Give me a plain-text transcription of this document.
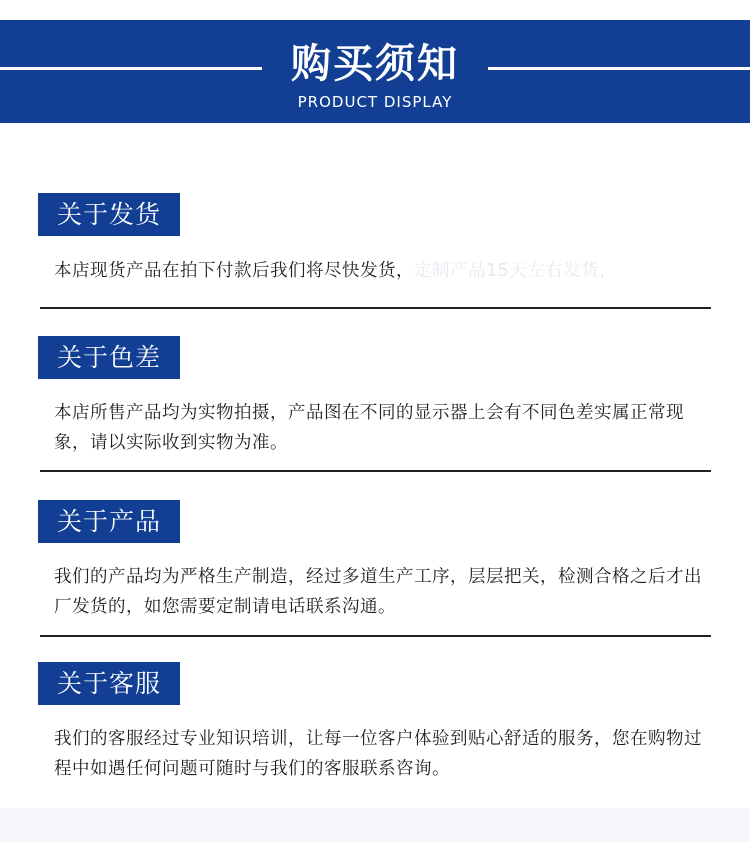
购买须知
PRODUCT DISPLAY
关于发货
本店现货产品在拍下付款后我们将尽快发货，定制产品15天左右发货，
关于色差
本店所售产品均为实物拍摄，产品图在不同的显示器上会有不同色差实属正常现象，请以实际收到实物为准。
关于产品
我们的产品均为严格生产制造，经过多道生产工序，层层把关，检测合格之后才出厂发货的，如您需要定制请电话联系沟通。
关于客服
我们的客服经过专业知识培训，让每一位客户体验到贴心舒适的服务，您在购物过程中如遇任何问题可随时与我们的客服联系咨询。
